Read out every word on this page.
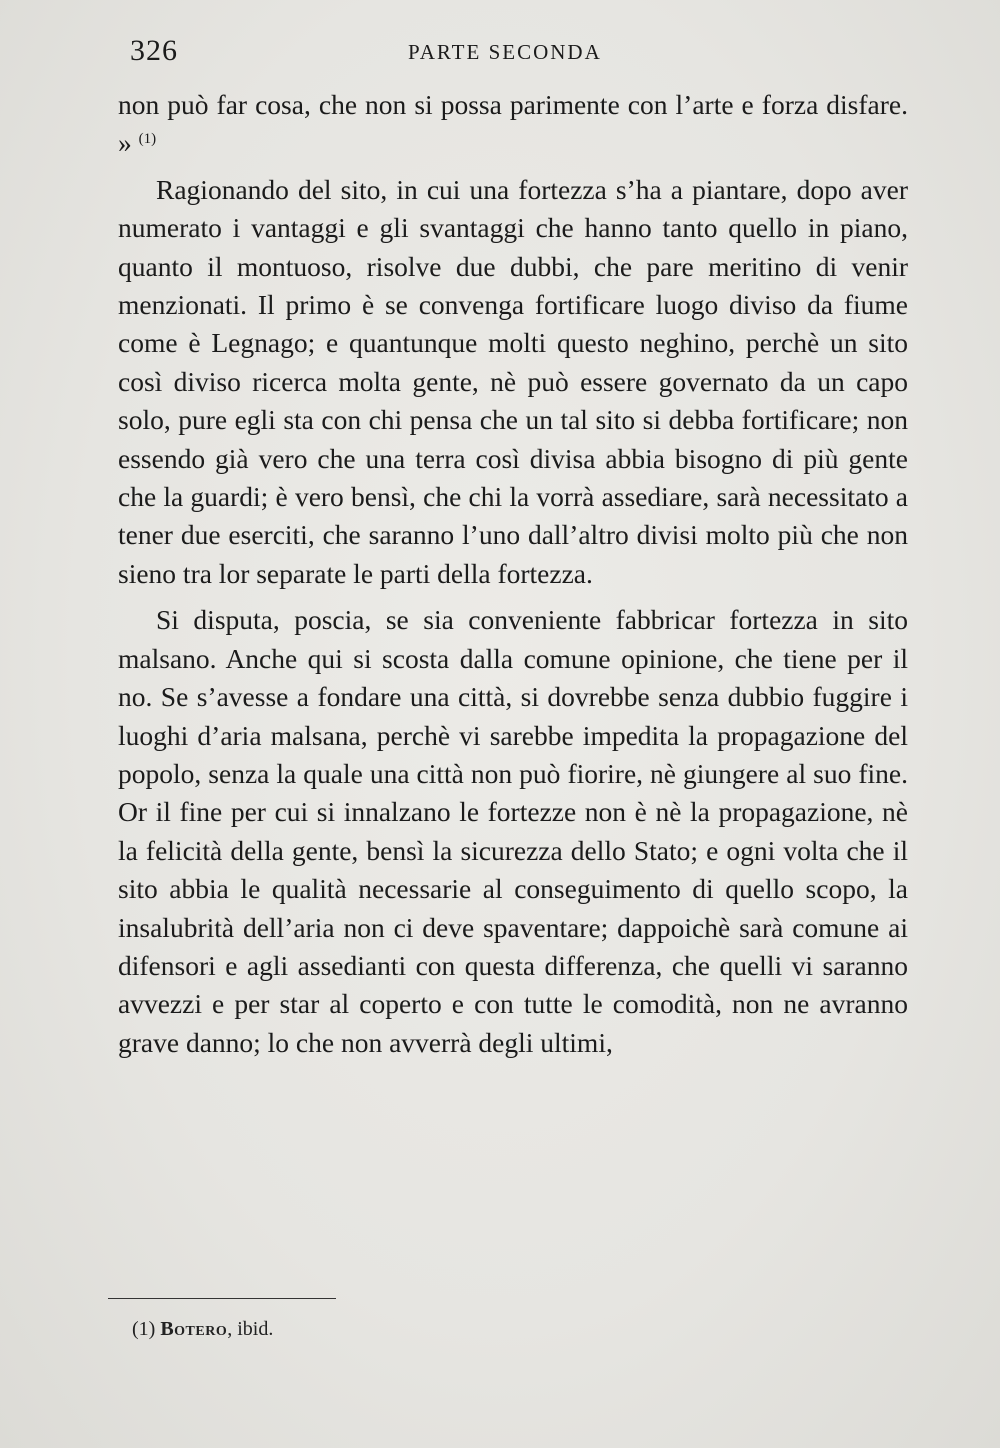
326	PARTE SECONDA

non può far cosa, che non si possa parimente con l’arte e forza disfare. » $^{(1)}$

Ragionando del sito, in cui una fortezza s’ha a piantare, dopo aver numerato i vantaggi e gli svantaggi che hanno tanto quello in piano, quanto il montuoso, risolve due dubbi, che pare meritino di venir menzionati. Il primo è se convenga fortificare luogo diviso da fiume come è Legnago; e quantunque molti questo neghino, perchè un sito così diviso ricerca molta gente, nè può essere governato da un capo solo, pure egli sta con chi pensa che un tal sito si debba fortificare; non essendo già vero che una terra così divisa abbia bisogno di più gente che la guardi; è vero bensì, che chi la vorrà assediare, sarà necessitato a tener due eserciti, che saranno l’uno dall’altro divisi molto più che non sieno tra lor separate le parti della fortezza.

Si disputa, poscia, se sia conveniente fabbricar fortezza in sito malsano. Anche qui si scosta dalla comune opinione, che tiene per il no. Se s’avesse a fondare una città, si dovrebbe senza dubbio fuggire i luoghi d’aria malsana, perchè vi sarebbe impedita la propagazione del popolo, senza la quale una città non può fiorire, nè giungere al suo fine. Or il fine per cui si innalzano le fortezze non è nè la propagazione, nè la felicità della gente, bensì la sicurezza dello Stato; e ogni volta che il sito abbia le qualità necessarie al conseguimento di quello scopo, la insalubrità dell’aria non ci deve spaventare; dappoichè sarà comune ai difensori e agli assedianti con questa differenza, che quelli vi saranno avvezzi e per star al coperto e con tutte le comodità, non ne avranno grave danno; lo che non avverrà degli ultimi,

(1) Botero, ibid.
